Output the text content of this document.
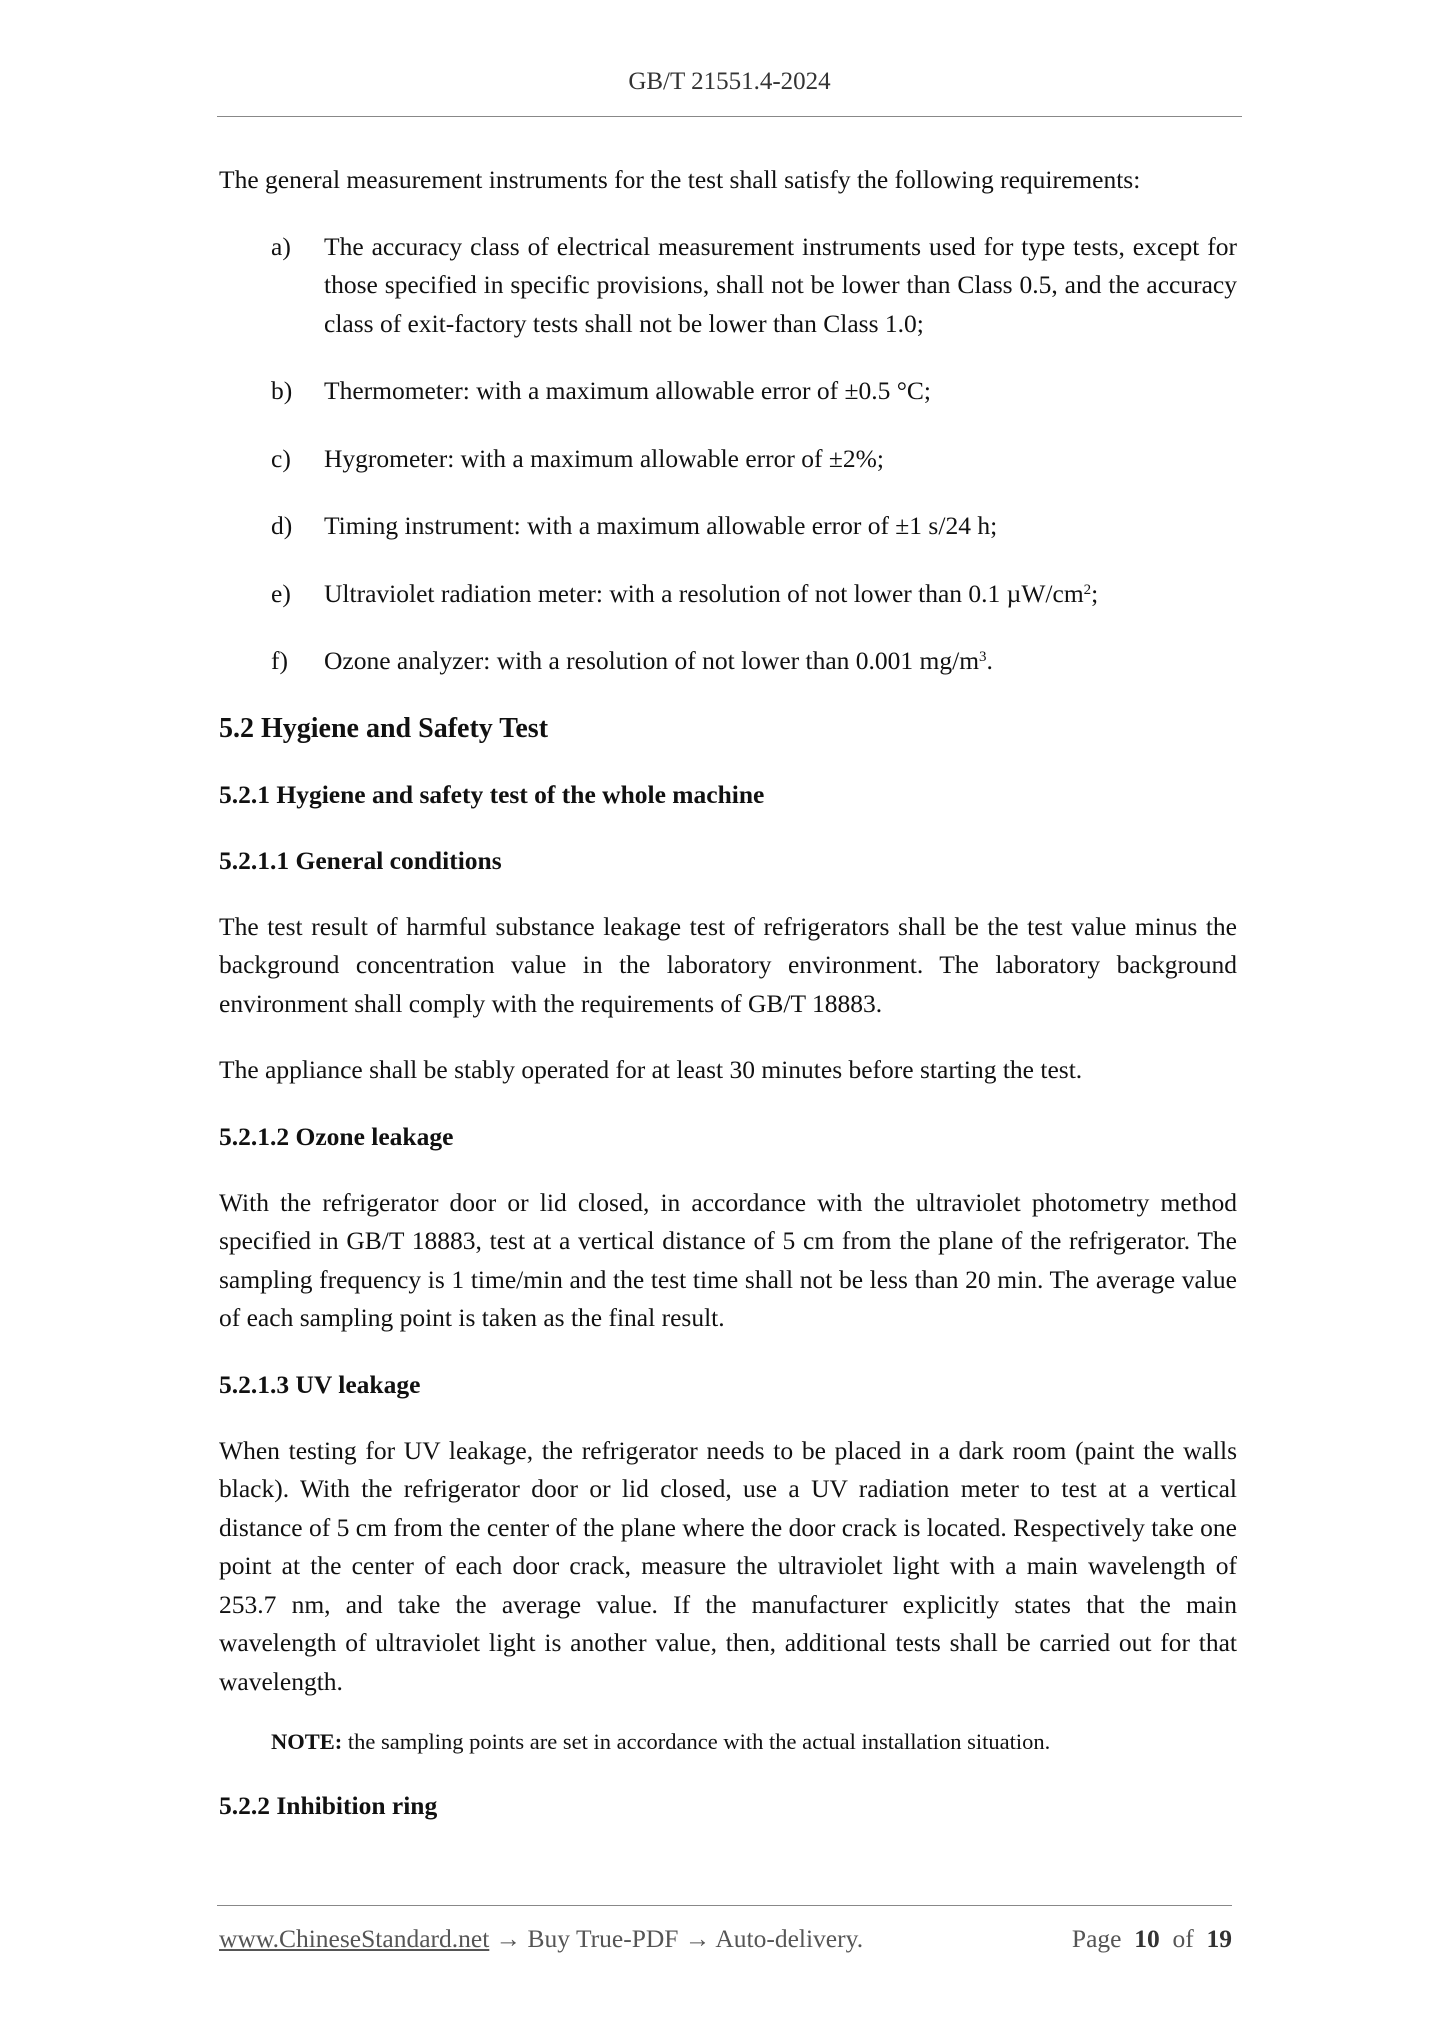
GB/T 21551.4-2024

The general measurement instruments for the test shall satisfy the following requirements:

a)	The accuracy class of electrical measurement instruments used for type tests, except for those specified in specific provisions, shall not be lower than Class 0.5, and the accuracy class of exit-factory tests shall not be lower than Class 1.0;
b)	Thermometer: with a maximum allowable error of ±0.5 °C;
c)	Hygrometer: with a maximum allowable error of ±2%;
d)	Timing instrument: with a maximum allowable error of ±1 s/24 h;
e)	Ultraviolet radiation meter: with a resolution of not lower than 0.1 $\mu W/cm^2$;
f)	Ozone analyzer: with a resolution of not lower than 0.001 $mg/m^3$.
5.2 Hygiene and Safety Test
5.2.1 Hygiene and safety test of the whole machine
5.2.1.1 General conditions

The test result of harmful substance leakage test of refrigerators shall be the test value minus the background concentration value in the laboratory environment. The laboratory background environment shall comply with the requirements of GB/T 18883.

The appliance shall be stably operated for at least 30 minutes before starting the test.

5.2.1.2 Ozone leakage

With the refrigerator door or lid closed, in accordance with the ultraviolet photometry method specified in GB/T 18883, test at a vertical distance of 5 cm from the plane of the refrigerator. The sampling frequency is 1 time/min and the test time shall not be less than 20 min. The average value of each sampling point is taken as the final result.

5.2.1.3 UV leakage

When testing for UV leakage, the refrigerator needs to be placed in a dark room (paint the walls black). With the refrigerator door or lid closed, use a UV radiation meter to test at a vertical distance of 5 cm from the center of the plane where the door crack is located. Respectively take one point at the center of each door crack, measure the ultraviolet light with a main wavelength of 253.7 nm, and take the average value. If the manufacturer explicitly states that the main wavelength of ultraviolet light is another value, then, additional tests shall be carried out for that wavelength.

NOTE: the sampling points are set in accordance with the actual installation situation.
5.2.2 Inhibition ring
www.ChineseStandard.net → Buy True-PDF → Auto-delivery.	Page 10 of 19
